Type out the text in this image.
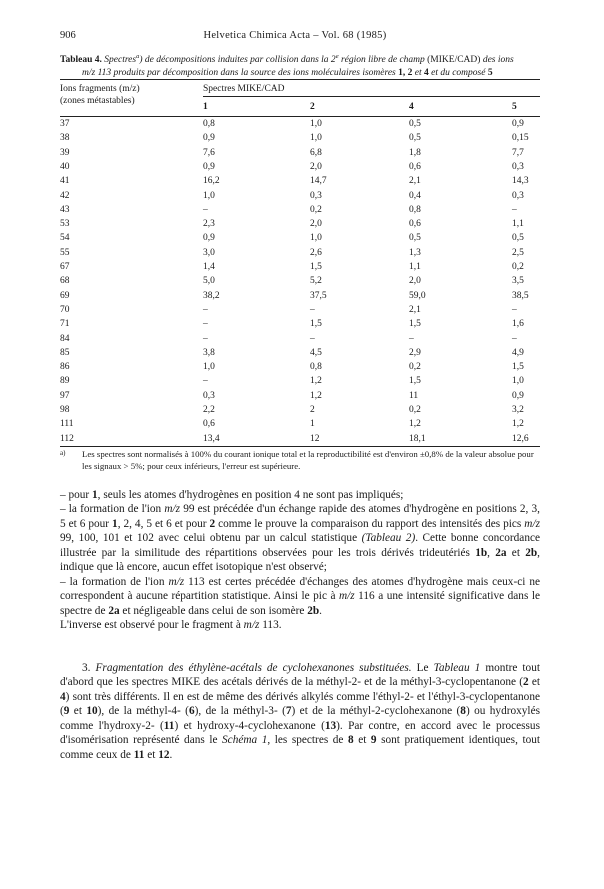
906	Helvetica Chimica Acta – Vol. 68 (1985)
Tableau 4. Spectres$^a$) de décompositions induites par collision dans la 2e région libre de champ (MIKE/CAD) des ions
m/z 113 produits par décomposition dans la source des ions moléculaires isomères 1, 2 et 4 et du composé 5
Ions fragments (m/z)
(zones métastables)
Spectres MIKE/CAD
1	2	4	5
37	0,8	1,0	0,5	0,9
38	0,9	1,0	0,5	0,15
39	7,6	6,8	1,8	7,7
40	0,9	2,0	0,6	0,3
41	16,2	14,7	2,1	14,3
42	1,0	0,3	0,4	0,3
43	–	0,2	0,8	–
53	2,3	2,0	0,6	1,1
54	0,9	1,0	0,5	0,5
55	3,0	2,6	1,3	2,5
67	1,4	1,5	1,1	0,2
68	5,0	5,2	2,0	3,5
69	38,2	37,5	59,0	38,5
70	–	–	2,1	–
71	–	1,5	1,5	1,6
84	–	–	–	–
85	3,8	4,5	2,9	4,9
86	1,0	0,8	0,2	1,5
89	–	1,2	1,5	1,0
97	0,3	1,2	11	0,9
98	2,2	2	0,2	3,2
111	0,6	1	1,2	1,2
112	13,4	12	18,1	12,6
a)	Les spectres sont normalisés à 100% du courant ionique total et la reproductibilité est d'environ ±0,8% de la valeur absolue pour les signaux > 5%; pour ceux inférieurs, l'erreur est supérieure.

– pour 1, seuls les atomes d'hydrogènes en position 4 ne sont pas impliqués;

– la formation de l'ion m/z 99 est précédée d'un échange rapide des atomes d'hydrogène en positions 2, 3, 5 et 6 pour 1, 2, 4, 5 et 6 et pour 2 comme le prouve la comparaison du rapport des intensités des pics m/z 99, 100, 101 et 102 avec celui obtenu par un calcul statistique (Tableau 2). Cette bonne concordance illustrée par la similitude des répartitions observées pour les trois dérivés trideutériés 1b, 2a et 2b, indique que là encore, aucun effet isotopique n'est observé;

– la formation de l'ion m/z 113 est certes précédée d'échanges des atomes d'hydrogène mais ceux-ci ne correspondent à aucune répartition statistique. Ainsi le pic à m/z 116 a une intensité significative dans le spectre de 2a et négligeable dans celui de son isomère 2b.

L'inverse est observé pour le fragment à m/z 113.

3. Fragmentation des éthylène-acétals de cyclohexanones substituées. Le Tableau 1 montre tout d'abord que les spectres MIKE des acétals dérivés de la méthyl-2- et de la méthyl-3-cyclopentanone (2 et 4) sont très différents. Il en est de même des dérivés alkylés comme l'éthyl-2- et l'éthyl-3-cyclopentanone (9 et 10), de la méthyl-4- (6), de la méthyl-3- (7) et de la méthyl-2-cyclohexanone (8) ou hydroxylés comme l'hydroxy-2- (11) et hydroxy-4-cyclohexanone (13). Par contre, en accord avec le processus d'isomérisation représenté dans le Schéma 1, les spectres de 8 et 9 sont pratiquement identiques, tout comme ceux de 11 et 12.
